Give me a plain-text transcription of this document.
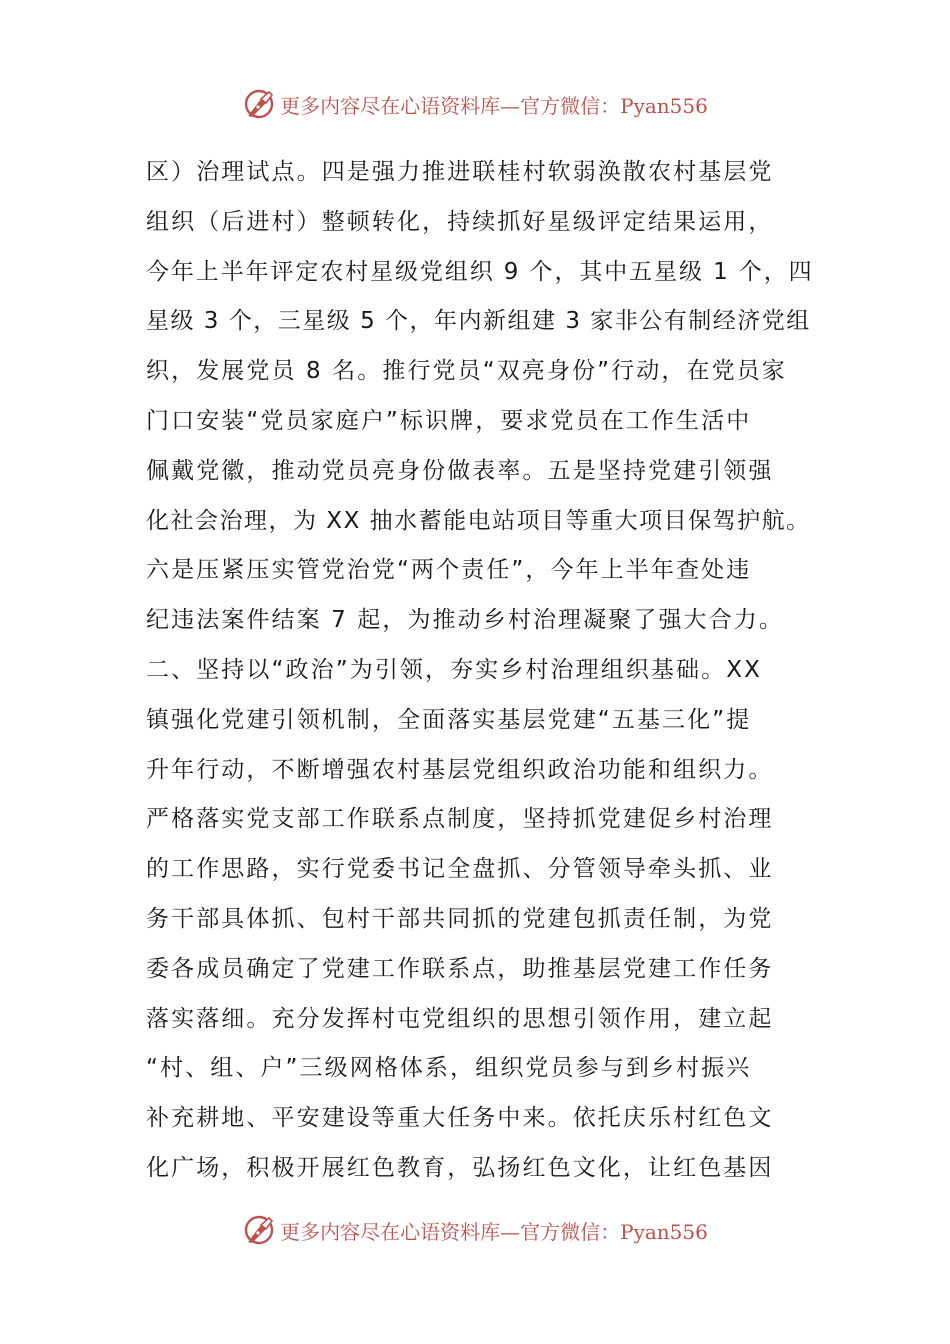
更多内容尽在心语资料库—官方微信：Pyan556
区）治理试点。四是强力推进联桂村软弱涣散农村基层党
组织（后进村）整顿转化，持续抓好星级评定结果运用，
今年上半年评定农村星级党组织 9 个，其中五星级 1 个，四
星级 3 个，三星级 5 个，年内新组建 3 家非公有制经济党组
织，发展党员 8 名。推行党员“双亮身份”行动，在党员家
门口安装“党员家庭户”标识牌，要求党员在工作生活中
佩戴党徽，推动党员亮身份做表率。五是坚持党建引领强
化社会治理，为 XX 抽水蓄能电站项目等重大项目保驾护航。
六是压紧压实管党治党“两个责任”，今年上半年查处违
纪违法案件结案 7 起，为推动乡村治理凝聚了强大合力。
二、坚持以“政治”为引领，夯实乡村治理组织基础。XX
镇强化党建引领机制，全面落实基层党建“五基三化”提
升年行动，不断增强农村基层党组织政治功能和组织力。
严格落实党支部工作联系点制度，坚持抓党建促乡村治理
的工作思路，实行党委书记全盘抓、分管领导牵头抓、业
务干部具体抓、包村干部共同抓的党建包抓责任制，为党
委各成员确定了党建工作联系点，助推基层党建工作任务
落实落细。充分发挥村屯党组织的思想引领作用，建立起
“村、组、户”三级网格体系，组织党员参与到乡村振兴
补充耕地、平安建设等重大任务中来。依托庆乐村红色文
化广场，积极开展红色教育，弘扬红色文化，让红色基因
更多内容尽在心语资料库—官方微信：Pyan556
